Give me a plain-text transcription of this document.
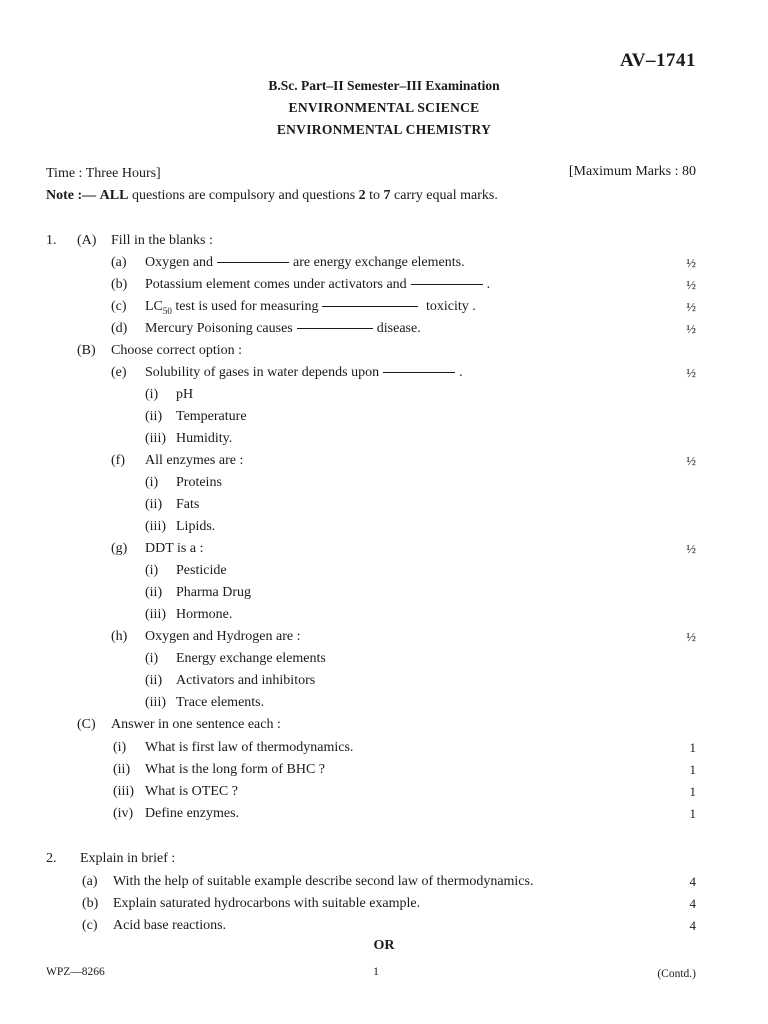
AV–1741
B.Sc. Part–II Semester–III Examination
ENVIRONMENTAL SCIENCE
ENVIRONMENTAL CHEMISTRY
Time : Three Hours]	[Maximum Marks : 80
Note :— ALL questions are compulsory and questions 2 to 7 carry equal marks.
1. (A) Fill in the blanks :
(a) Oxygen and	are energy exchange elements.	½
(b) Potassium element comes under activators and	.	½
(c) $LC_{50}$ test is used for measuring	toxicity .	½
(d) Mercury Poisoning causes	disease.	½
(B) Choose correct option :
(e) Solubility of gases in water depends upon	.	½
(i) pH
(ii) Temperature
(iii) Humidity.
(f) All enzymes are :	½
(i) Proteins
(ii) Fats
(iii) Lipids.
(g) DDT is a :	½
(i) Pesticide
(ii) Pharma Drug
(iii) Hormone.
(h) Oxygen and Hydrogen are :	½
(i) Energy exchange elements
(ii) Activators and inhibitors
(iii) Trace elements.
(C) Answer in one sentence each :
(i) What is first law of thermodynamics.	1
(ii) What is the long form of BHC ?	1
(iii) What is OTEC ?	1
(iv) Define enzymes.	1
2. Explain in brief :
(a) With the help of suitable example describe second law of thermodynamics.	4
(b) Explain saturated hydrocarbons with suitable example.	4
(c) Acid base reactions.	4
OR
WPZ—8266	1	(Contd.)
